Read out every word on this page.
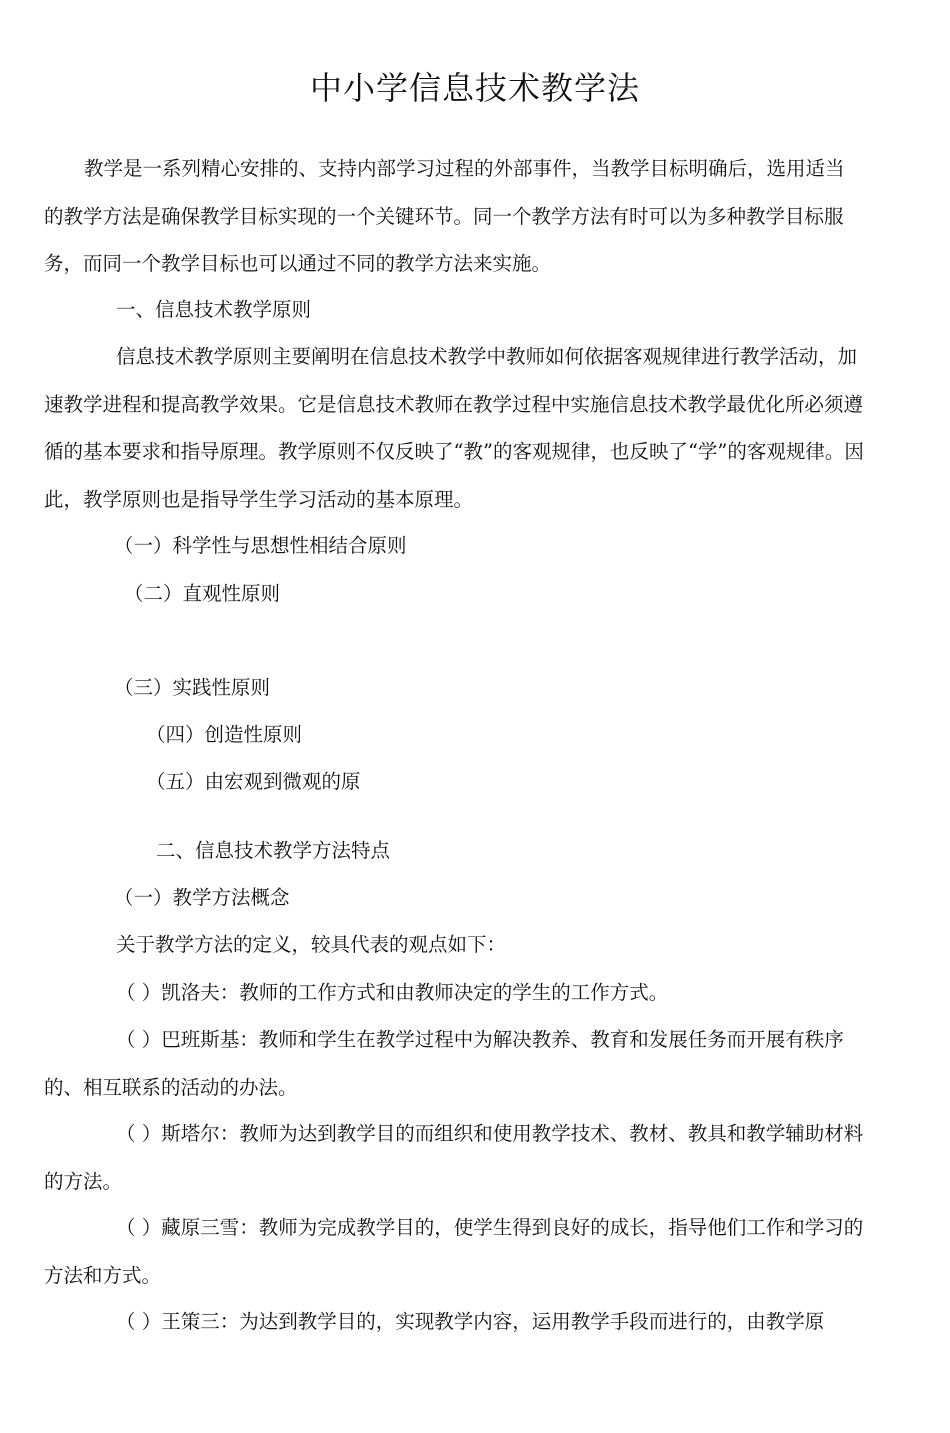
中小学信息技术教学法

教学是一系列精心安排的、支持内部学习过程的外部事件，当教学目标明确后，选用适当的教学方法是确保教学目标实现的一个关键环节。同一个教学方法有时可以为多种教学目标服务，而同一个教学目标也可以通过不同的教学方法来实施。

一、信息技术教学原则

信息技术教学原则主要阐明在信息技术教学中教师如何依据客观规律进行教学活动，加速教学进程和提高教学效果。它是信息技术教师在教学过程中实施信息技术教学最优化所必须遵循的基本要求和指导原理。教学原则不仅反映了“教”的客观规律，也反映了“学”的客观规律。因此，教学原则也是指导学生学习活动的基本原理。

（一）科学性与思想性相结合原则
（二）直观性原则
（三）实践性原则
（四）创造性原则
（五）由宏观到微观的原
二、信息技术教学方法特点
（一）教学方法概念
关于教学方法的定义，较具代表的观点如下：
（ ）凯洛夫：教师的工作方式和由教师决定的学生的工作方式。

（ ）巴班斯基：教师和学生在教学过程中为解决教养、教育和发展任务而开展有秩序的、相互联系的活动的办法。

（ ）斯塔尔：教师为达到教学目的而组织和使用教学技术、教材、教具和教学辅助材料的方法。

（ ）藏原三雪：教师为完成教学目的，使学生得到良好的成长，指导他们工作和学习的方法和方式。

（ ）王策三：为达到教学目的，实现教学内容，运用教学手段而进行的，由教学原
